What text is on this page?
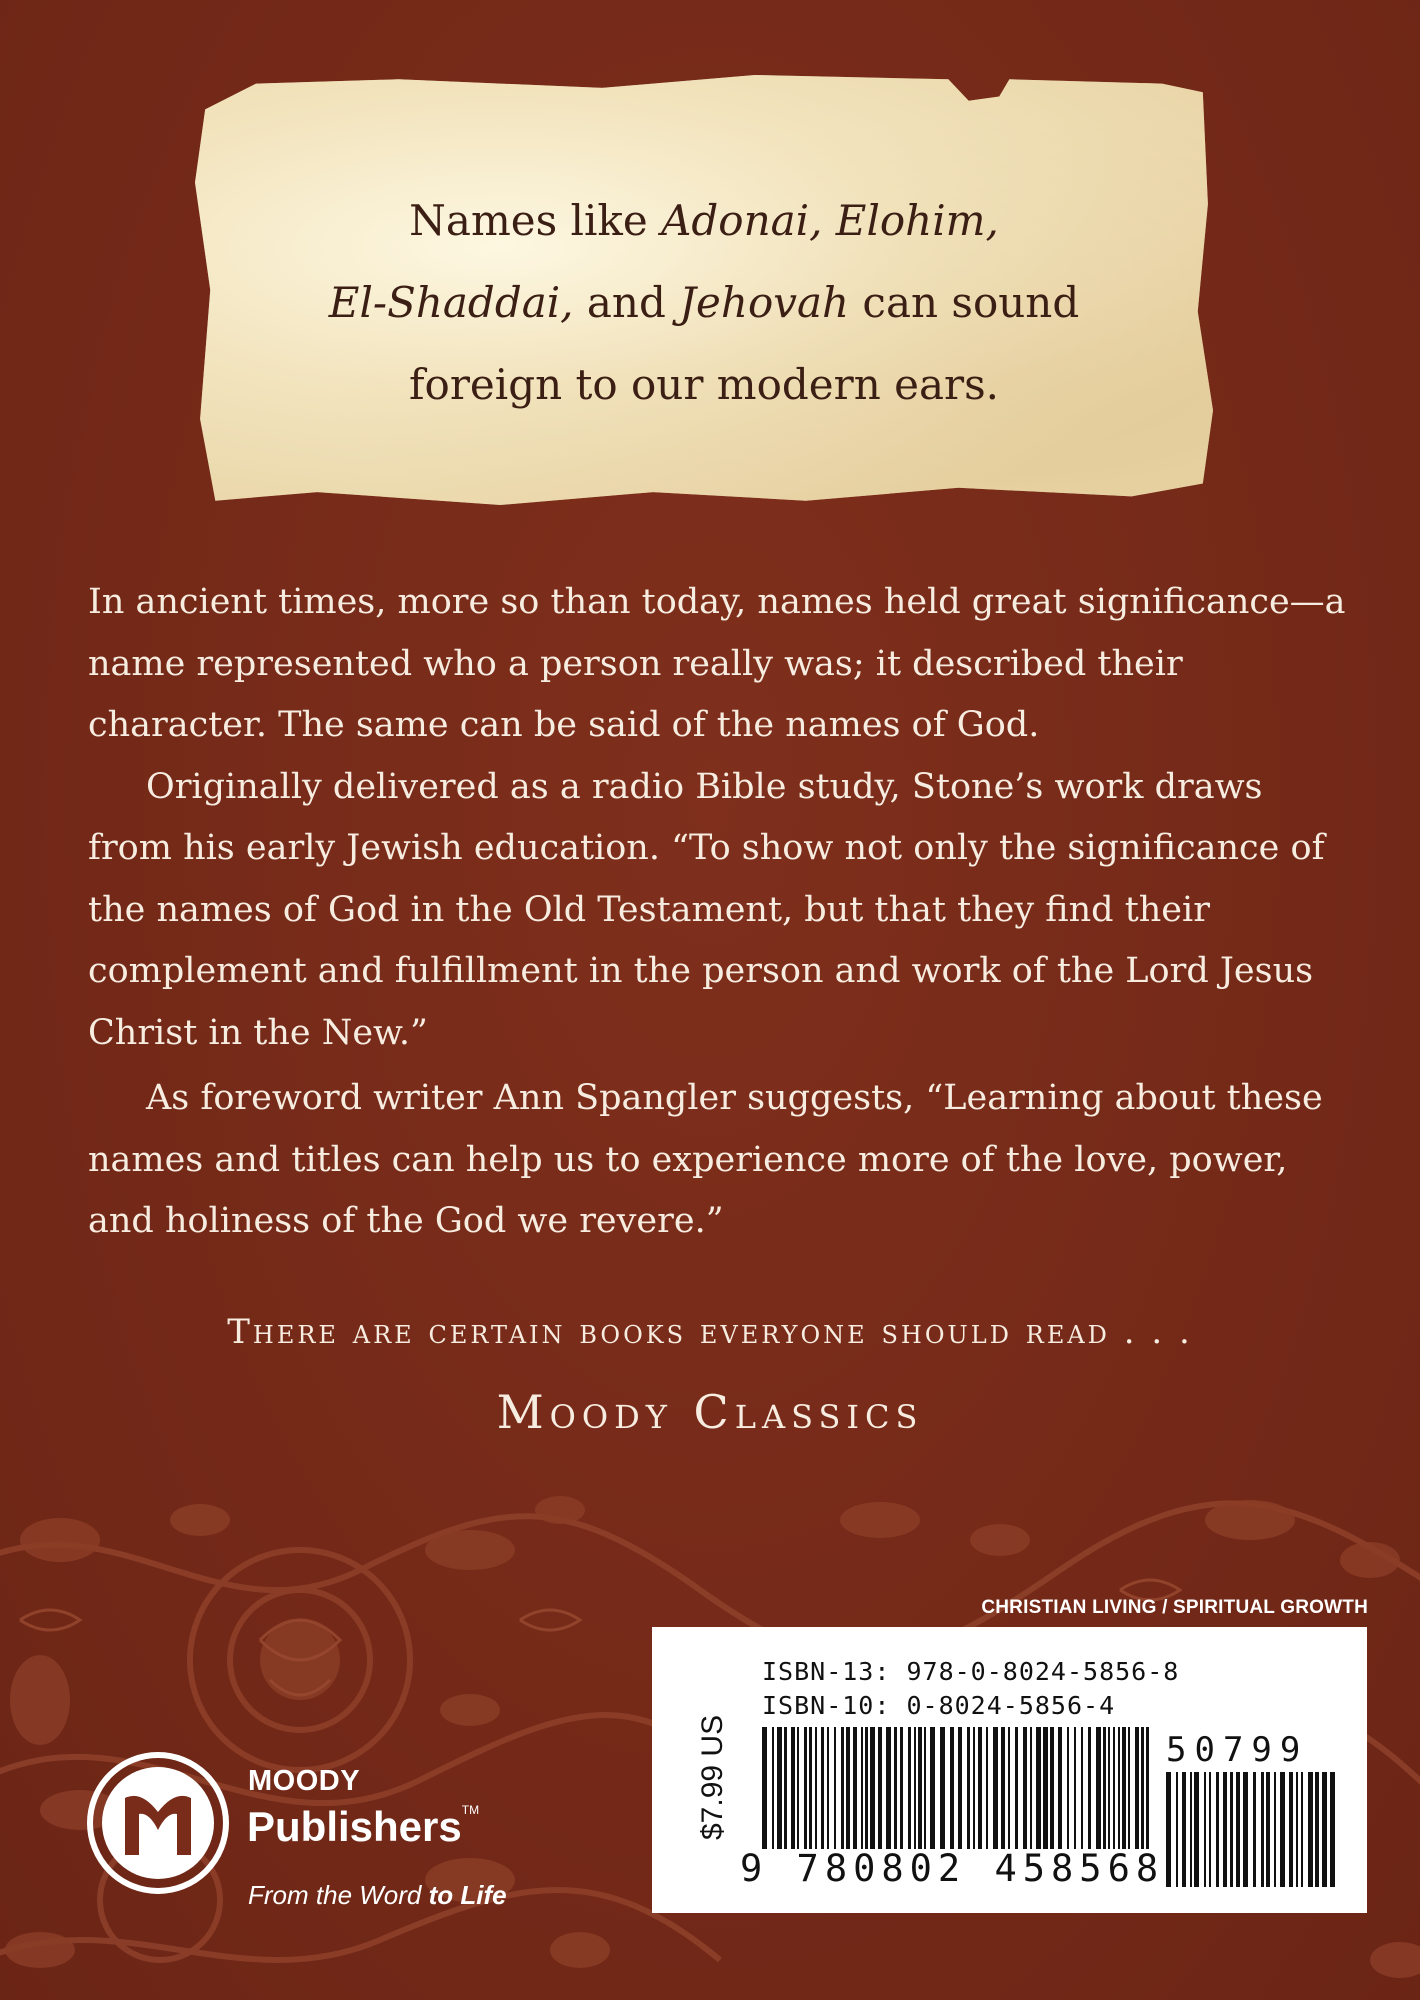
Names like Adonai, Elohim,
El-Shaddai, and Jehovah can sound
foreign to our modern ears.

In ancient times, more so than today, names held great significance—a name represented who a person really was; it described their character. The same can be said of the names of God.

Originally delivered as a radio Bible study, Stone’s work draws from his early Jewish education. “To show not only the significance of the names of God in the Old Testament, but that they find their complement and fulfillment in the person and work of the Lord Jesus Christ in the New.”

As foreword writer Ann Spangler suggests, “Learning about these names and titles can help us to experience more of the love, power, and holiness of the God we revere.”

There are certain books everyone should read . . .
Moody Classics
CHRISTIAN LIVING / SPIRITUAL GROWTH
ISBN-13: 978-0-8024-5856-8
ISBN-10: 0-8024-5856-4
$7.99 US	50799
9 780802 458568
MOODY
Publishers™
From the Word to Life
